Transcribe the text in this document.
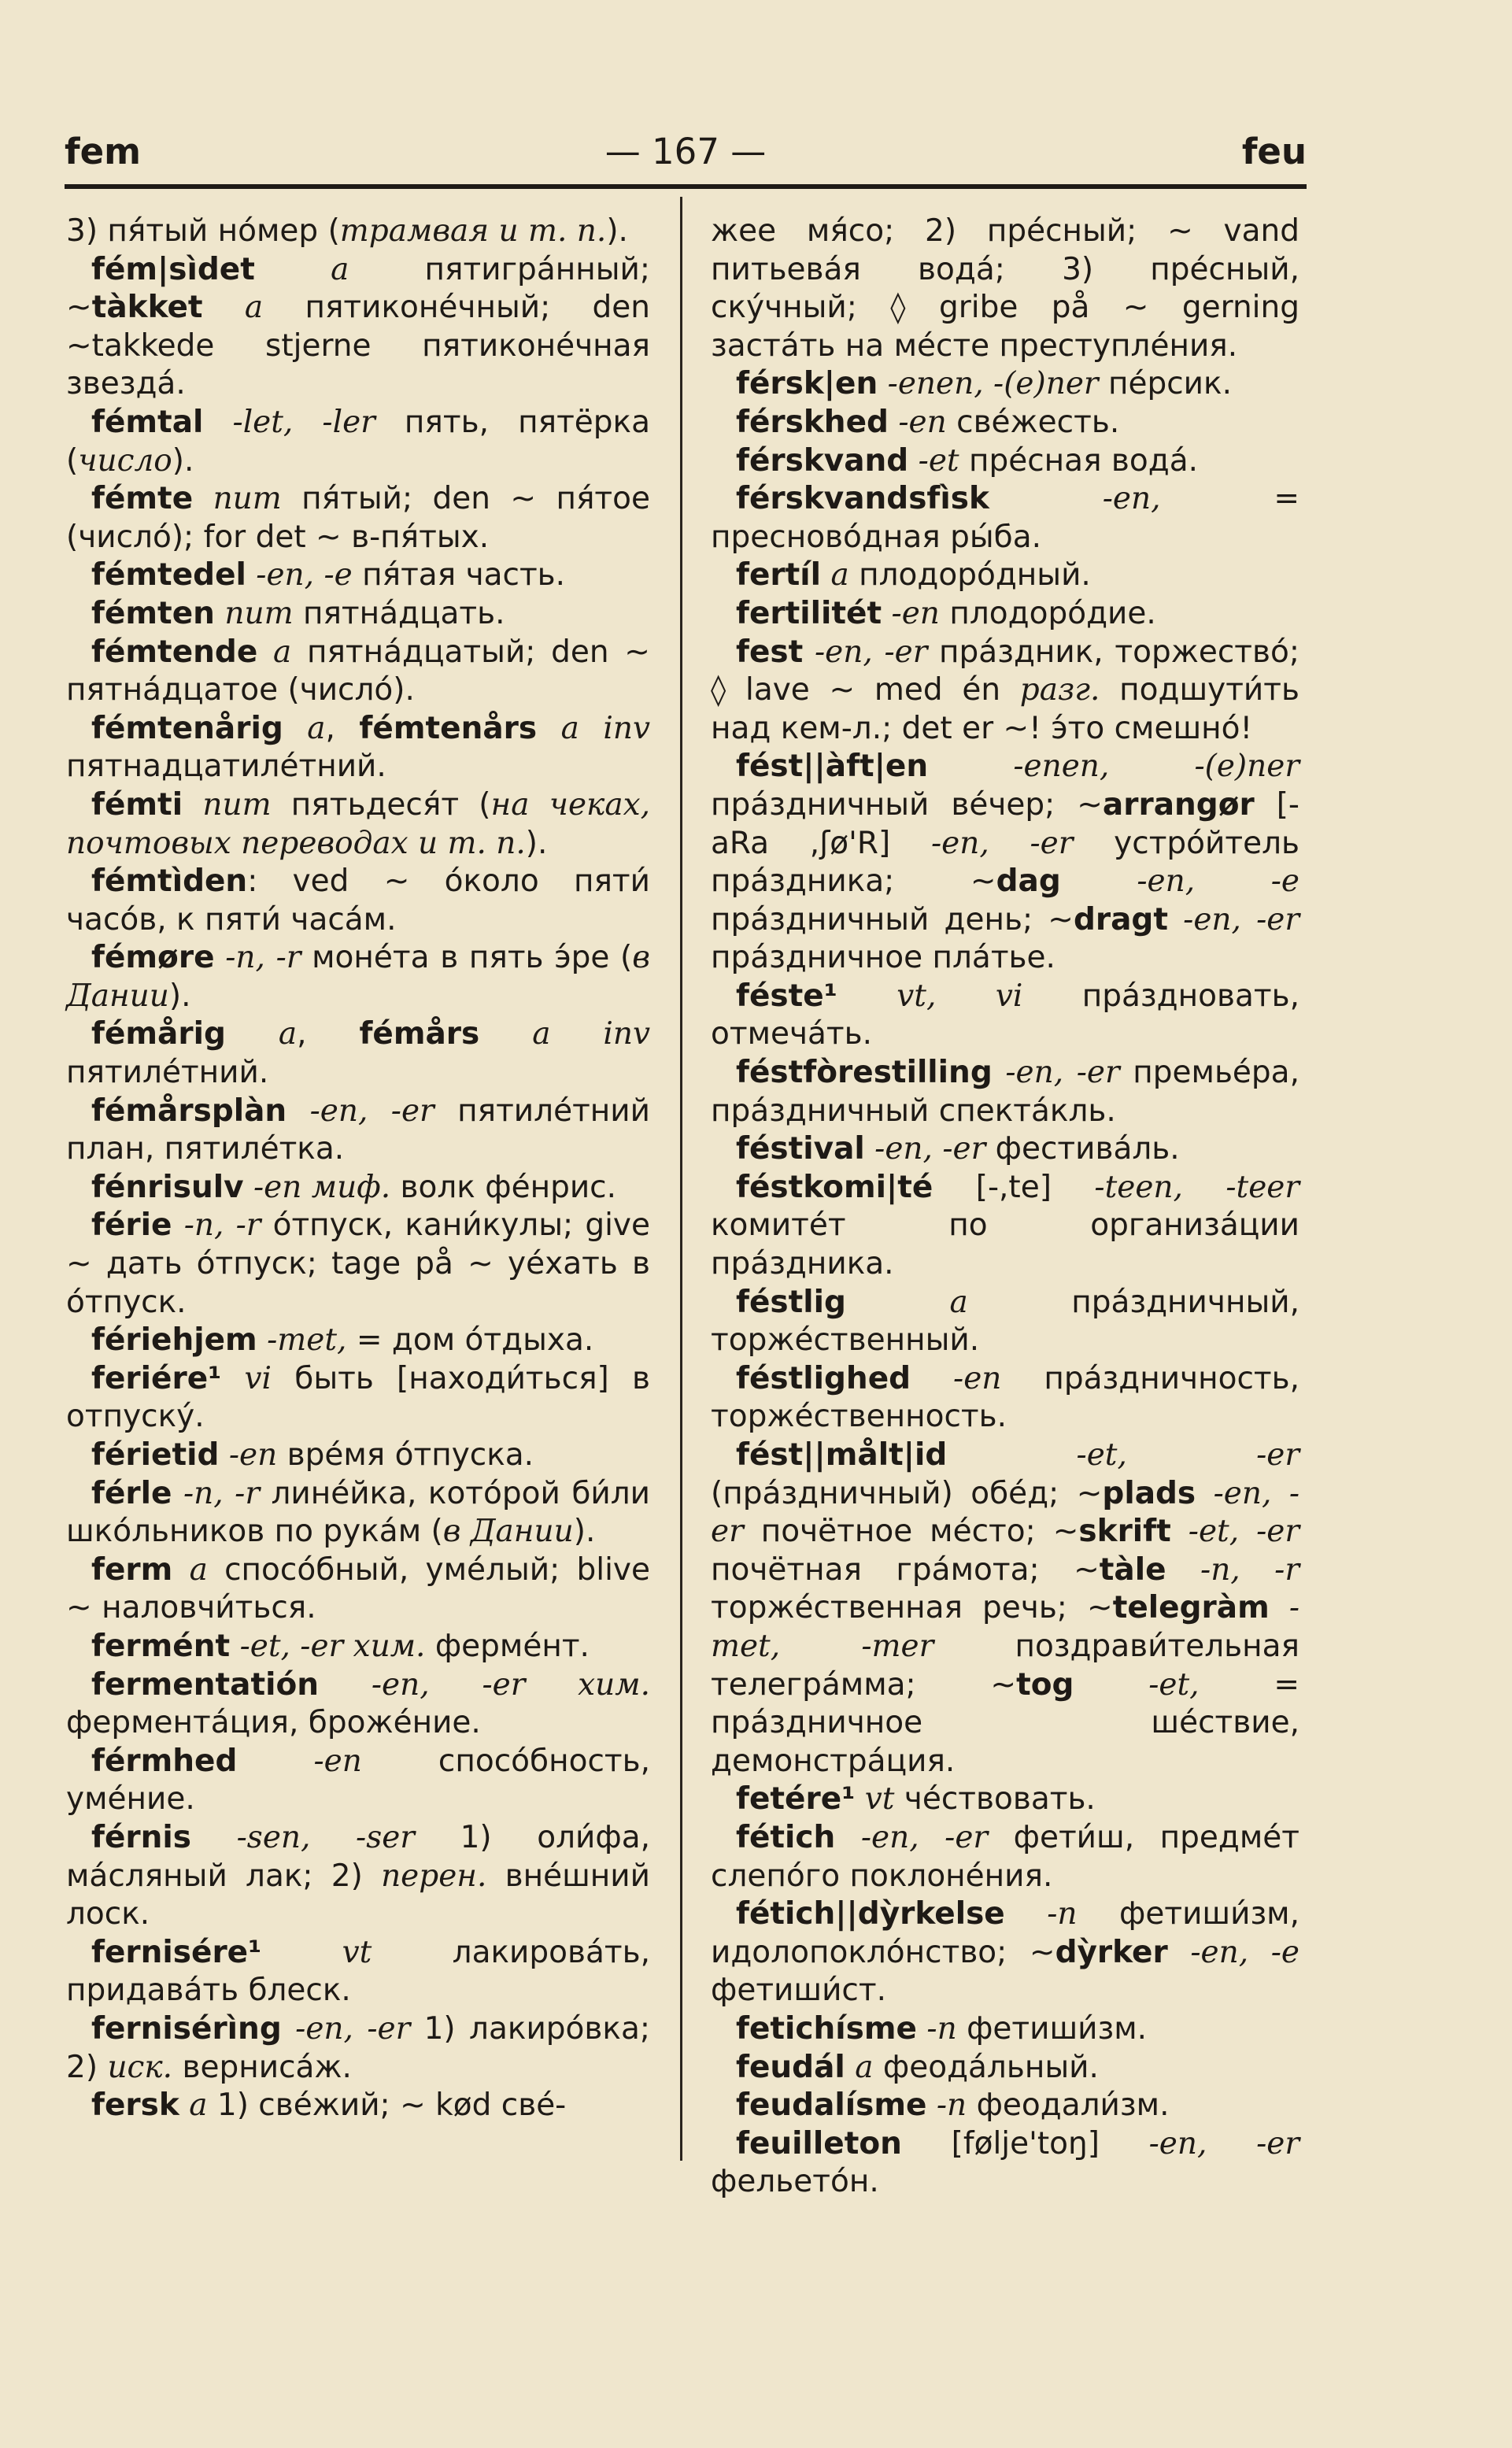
fem	— 167 —	feu

3) пя́тый но́мер (трамвая и т. п.).

fém|sìdet a пятигра́нный; ~tàkket a пятиконе́чный; den ~takkede stjerne пятиконе́чная звезда́.

fémtal -let, -ler пять, пятёрка (число).

fémte num пя́тый; den ~ пя́тое (число́); for det ~ в-пя́тых.

fémtedel -en, -e пя́тая часть.

fémten num пятна́дцать.

fémtende a пятна́дцатый; den ~ пятна́дцатое (число́).

fémtenårig a, fémtenårs a inv пятнадцатиле́тний.

fémti num пятьдеся́т (на чеках, почтовых переводах и т. п.).

fémtìden: ved ~ о́коло пяти́ часо́в, к пяти́ часа́м.

fémøre -n, -r моне́та в пять э́ре (в Дании).

fémårig a, fémårs a inv пятиле́тний.

fémårsplàn -en, -er пятиле́тний план, пятиле́тка.

fénrisulv -en миф. волк фе́нрис.

férie -n, -r о́тпуск, кани́кулы; give ~ дать о́тпуск; tage på ~ уе́хать в о́тпуск.

fériehjem -met, = дом о́тдыха.

feriére¹ vi быть [находи́ться] в отпуску́.

férietid -en вре́мя о́тпуска.

férle -n, -r лине́йка, кото́рой би́ли шко́льников по рука́м (в Дании).

ferm a спосо́бный, уме́лый; blive ~ наловчи́ться.

fermént -et, -er хим. ферме́нт.

fermentatión -en, -er хим. фермента́ция, броже́ние.

férmhed -en спосо́бность, уме́ние.

férnis -sen, -ser 1) оли́фа, ма́сляный лак; 2) перен. вне́шний лоск.

fernisére¹	vt лакирова́ть, придава́ть блеск.

fernisérìng -en, -er 1) лакиро́вка; 2) иск. верниса́ж.

fersk a 1) све́жий; ~ kød све́-

жее мя́со; 2) пре́сный; ~ vand питьева́я вода́; 3) пре́сный, ску́чный; ◊ gribe på ~ gerning заста́ть на ме́сте преступле́ния.

férsk|en -enen, -(e)ner пе́рсик.

férskhed -en све́жесть.

férskvand -et пре́сная вода́.

férskvandsfìsk	-en, = пресново́дная ры́ба.

fertíl a плодоро́дный.

fertilitét -en плодоро́дие.

fest -en, -er пра́здник, торжество́; ◊ lave ~ med én разг. подшути́ть над кем-л.; det er ~! э́то смешно́!

fést||àft|en	-enen, -(e)ner пра́здничный ве́чер; ~arrangør [-aRa ,ʃø'R] -en, -er устро́йтель пра́здника; ~dag -en, -e пра́здничный день; ~dragt -en, -er пра́здничное пла́тье.

féste¹ vt, vi пра́здновать, отмеча́ть.

féstfòrestilling -en, -er премье́ра, пра́здничный спекта́кль.

féstival -en, -er фестива́ль.

féstkomi|té [-,te] -teen, -teer комите́т по организа́ции пра́здника.

féstlig	a пра́здничный, торже́ственный.

féstlighed -en пра́здничность, торже́ственность.

fést||målt|id	-et, -er (пра́здничный) обе́д; ~plads -en, -er почётное ме́сто; ~skrift -et, -er почётная гра́мота; ~tàle -n, -r торже́ственная речь; ~telegràm -met, -mer поздрави́тельная телегра́мма; ~tog -et, = пра́здничное ше́ствие, демонстра́ция.

fetére¹ vt че́ствовать.

fétich -en, -er фети́ш, предме́т слепо́го поклоне́ния.

fétich||dỳrkelse -n фетиши́зм, идолопокло́нство; ~dỳrker -en, -e фетиши́ст.

fetichísme -n фетиши́зм.

feudál a феода́льный.

feudalísme -n феодали́зм.

feuilleton [følje'toŋ] -en, -er фельето́н.
